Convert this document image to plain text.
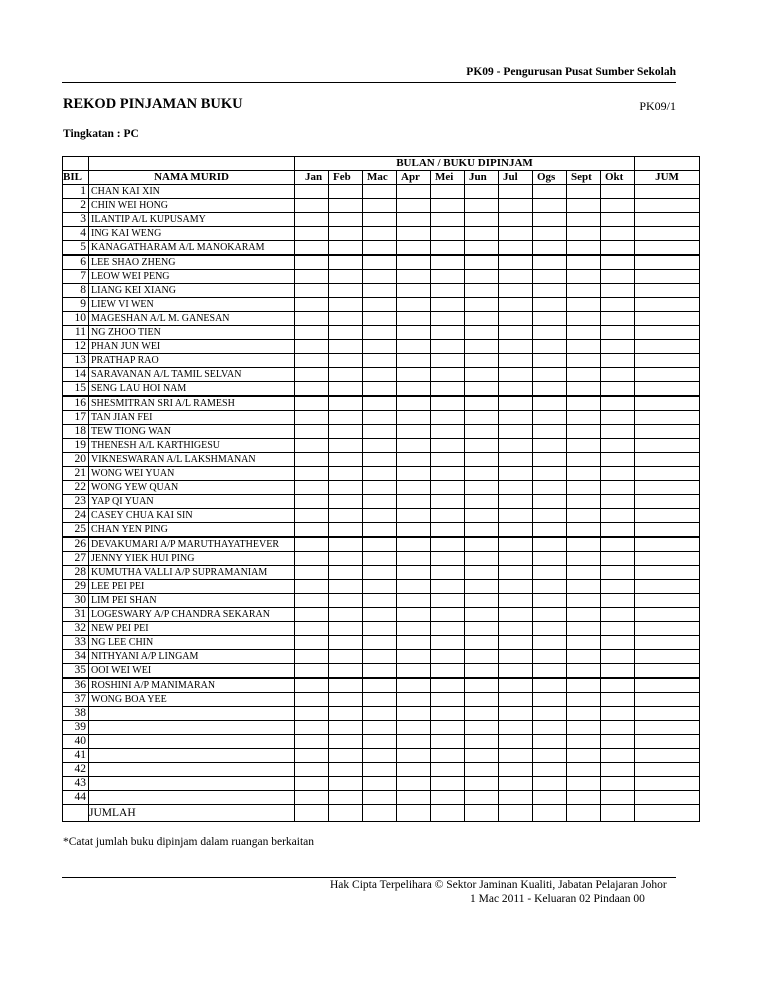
PK09 - Pengurusan Pusat Sumber Sekolah
REKOD PINJAMAN BUKU	PK09/1
Tingkatan : PC
		BULAN / BUKU DIPINJAM										
BIL	NAMA MURID	Jan	Feb	Mac	Apr	Mei	Jun	Jul	Ogs	Sept	Okt	JUM
1	CHAN KAI XIN											
2	CHIN WEI HONG											
3	ILANTIP A/L KUPUSAMY											
4	ING KAI WENG											
5	KANAGATHARAM A/L MANOKARAM											
6	LEE SHAO ZHENG											
7	LEOW WEI PENG											
8	LIANG KEI XIANG											
9	LIEW VI WEN											
10	MAGESHAN A/L M. GANESAN											
11	NG ZHOO TIEN											
12	PHAN JUN WEI											
13	PRATHAP RAO											
14	SARAVANAN A/L TAMIL SELVAN											
15	SENG LAU HOI NAM											
16	SHESMITRAN SRI A/L RAMESH											
17	TAN JIAN FEI											
18	TEW TIONG WAN											
19	THENESH A/L KARTHIGESU											
20	VIKNESWARAN A/L LAKSHMANAN											
21	WONG WEI YUAN											
22	WONG YEW QUAN											
23	YAP QI YUAN											
24	CASEY CHUA KAI SIN											
25	CHAN YEN PING											
26	DEVAKUMARI A/P MARUTHAYATHEVER											
27	JENNY YIEK HUI PING											
28	KUMUTHA VALLI A/P SUPRAMANIAM											
29	LEE PEI PEI											
30	LIM PEI SHAN											
31	LOGESWARY A/P CHANDRA SEKARAN											
32	NEW PEI PEI											
33	NG LEE CHIN											
34	NITHYANI A/P LINGAM											
35	OOI WEI WEI											
36	ROSHINI A/P MANIMARAN											
37	WONG BOA YEE											
38												
39												
40												
41												
42												
43												
44												
	JUMLAH											
*Catat jumlah buku dipinjam dalam ruangan berkaitan
Hak Cipta Terpelihara © Sektor Jaminan Kualiti, Jabatan Pelajaran Johor
1 Mac 2011 - Keluaran 02 Pindaan 00
